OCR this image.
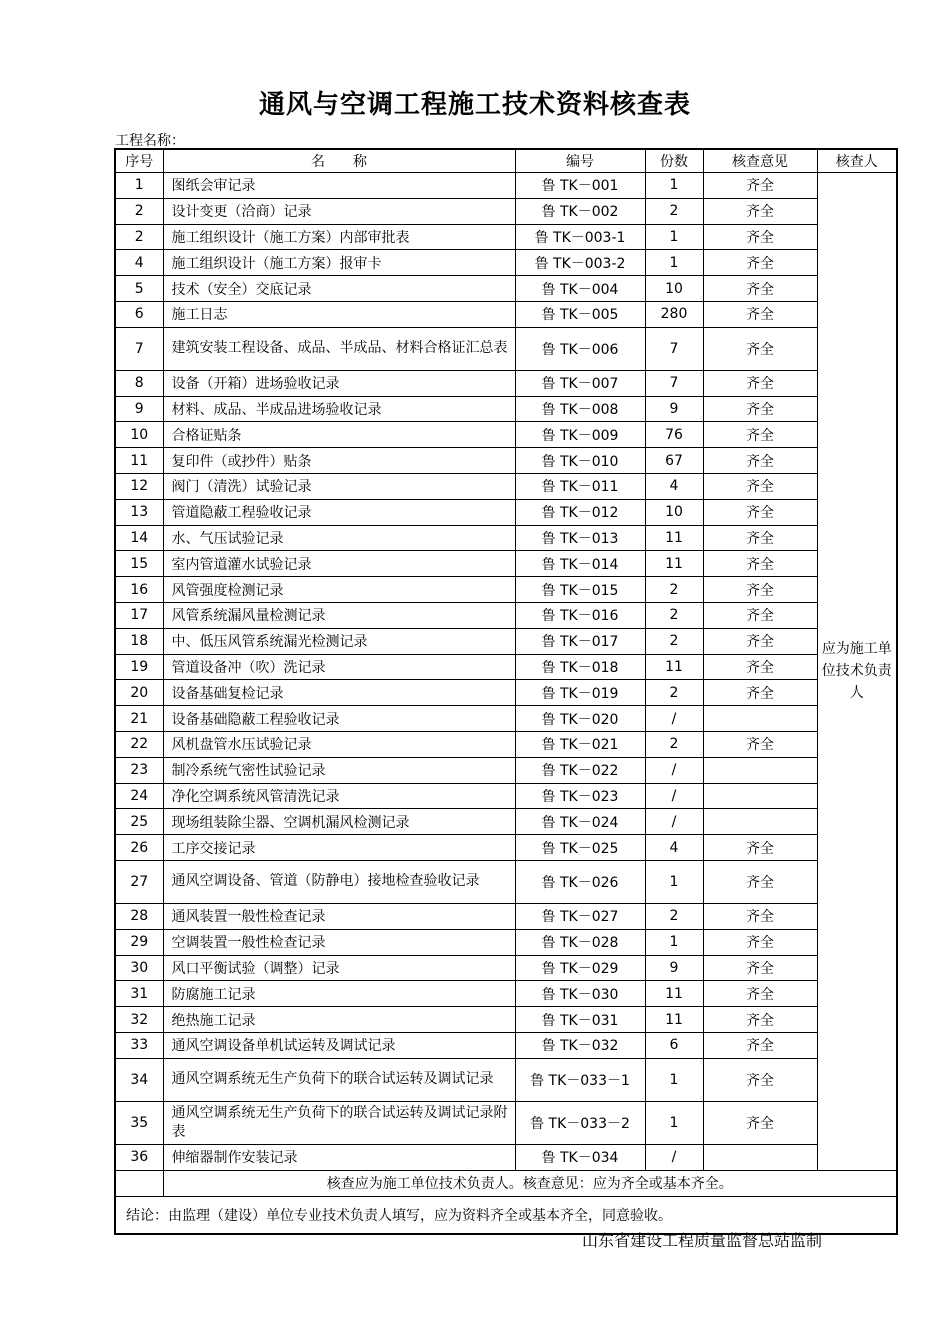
通风与空调工程施工技术资料核查表
工程名称：
序号	名　　称	编号	份数	核查意见	核查人
1	图纸会审记录	鲁 TK－001	1	齐全	应为施工单位技术负责人
2	设计变更（洽商）记录	鲁 TK－002	2	齐全	
2	施工组织设计（施工方案）内部审批表	鲁 TK－003-1	1	齐全	
4	施工组织设计（施工方案）报审卡	鲁 TK－003-2	1	齐全	
5	技术（安全）交底记录	鲁 TK－004	10	齐全	
6	施工日志	鲁 TK－005	280	齐全	
7	建筑安装工程设备、成品、半成品、材料合格证汇总表	鲁 TK－006	7	齐全	
8	设备（开箱）进场验收记录	鲁 TK－007	7	齐全	
9	材料、成品、半成品进场验收记录	鲁 TK－008	9	齐全	
10	合格证贴条	鲁 TK－009	76	齐全	
11	复印件（或抄件）贴条	鲁 TK－010	67	齐全	
12	阀门（清洗）试验记录	鲁 TK－011	4	齐全	
13	管道隐蔽工程验收记录	鲁 TK－012	10	齐全	
14	水、气压试验记录	鲁 TK－013	11	齐全	
15	室内管道灌水试验记录	鲁 TK－014	11	齐全	
16	风管强度检测记录	鲁 TK－015	2	齐全	
17	风管系统漏风量检测记录	鲁 TK－016	2	齐全	
18	中、低压风管系统漏光检测记录	鲁 TK－017	2	齐全	
19	管道设备冲（吹）洗记录	鲁 TK－018	11	齐全	
20	设备基础复检记录	鲁 TK－019	2	齐全	
21	设备基础隐蔽工程验收记录	鲁 TK－020	/		
22	风机盘管水压试验记录	鲁 TK－021	2	齐全	
23	制冷系统气密性试验记录	鲁 TK－022	/		
24	净化空调系统风管清洗记录	鲁 TK－023	/		
25	现场组装除尘器、空调机漏风检测记录	鲁 TK－024	/		
26	工序交接记录	鲁 TK－025	4	齐全	
27	通风空调设备、管道（防静电）接地检查验收记录	鲁 TK－026	1	齐全	
28	通风装置一般性检查记录	鲁 TK－027	2	齐全	
29	空调装置一般性检查记录	鲁 TK－028	1	齐全	
30	风口平衡试验（调整）记录	鲁 TK－029	9	齐全	
31	防腐施工记录	鲁 TK－030	11	齐全	
32	绝热施工记录	鲁 TK－031	11	齐全	
33	通风空调设备单机试运转及调试记录	鲁 TK－032	6	齐全	
34	通风空调系统无生产负荷下的联合试运转及调试记录	鲁 TK－033－1	1	齐全	
35	通风空调系统无生产负荷下的联合试运转及调试记录附表	鲁 TK－033－2	1	齐全	
36	伸缩器制作安装记录	鲁 TK－034	/		
	核查应为施工单位技术负责人。核查意见：应为齐全或基本齐全。				
结论：由监理（建设）单位专业技术负责人填写，应为资料齐全或基本齐全，同意验收。					
山东省建设工程质量监督总站监制
